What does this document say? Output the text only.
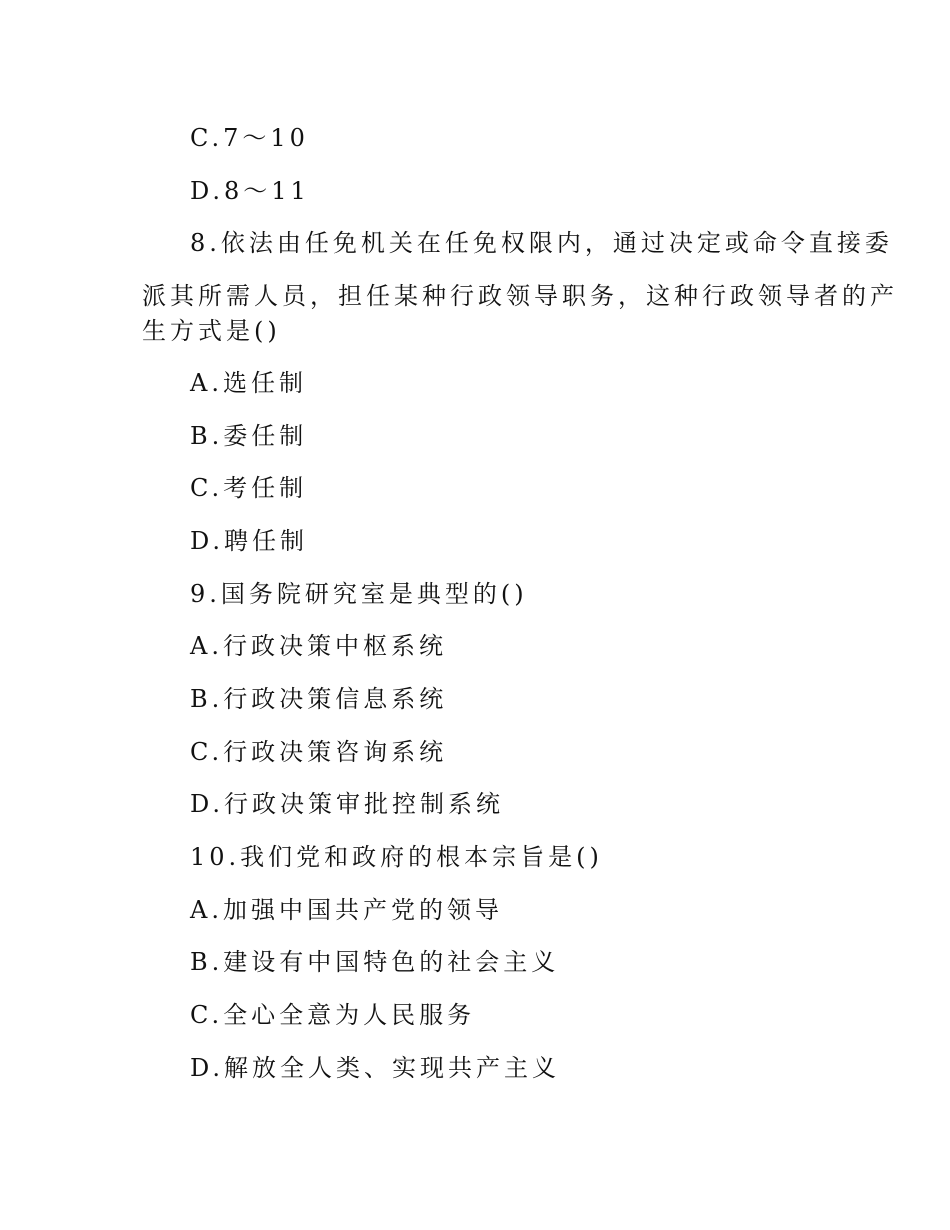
C.7～10
D.8～11
8.依法由任免机关在任免权限内，通过决定或命令直接委
派其所需人员，担任某种行政领导职务，这种行政领导者的产
生方式是()
A.选任制
B.委任制
C.考任制
D.聘任制
9.国务院研究室是典型的()
A.行政决策中枢系统
B.行政决策信息系统
C.行政决策咨询系统
D.行政决策审批控制系统
10.我们党和政府的根本宗旨是()
A.加强中国共产党的领导
B.建设有中国特色的社会主义
C.全心全意为人民服务
D.解放全人类、实现共产主义
